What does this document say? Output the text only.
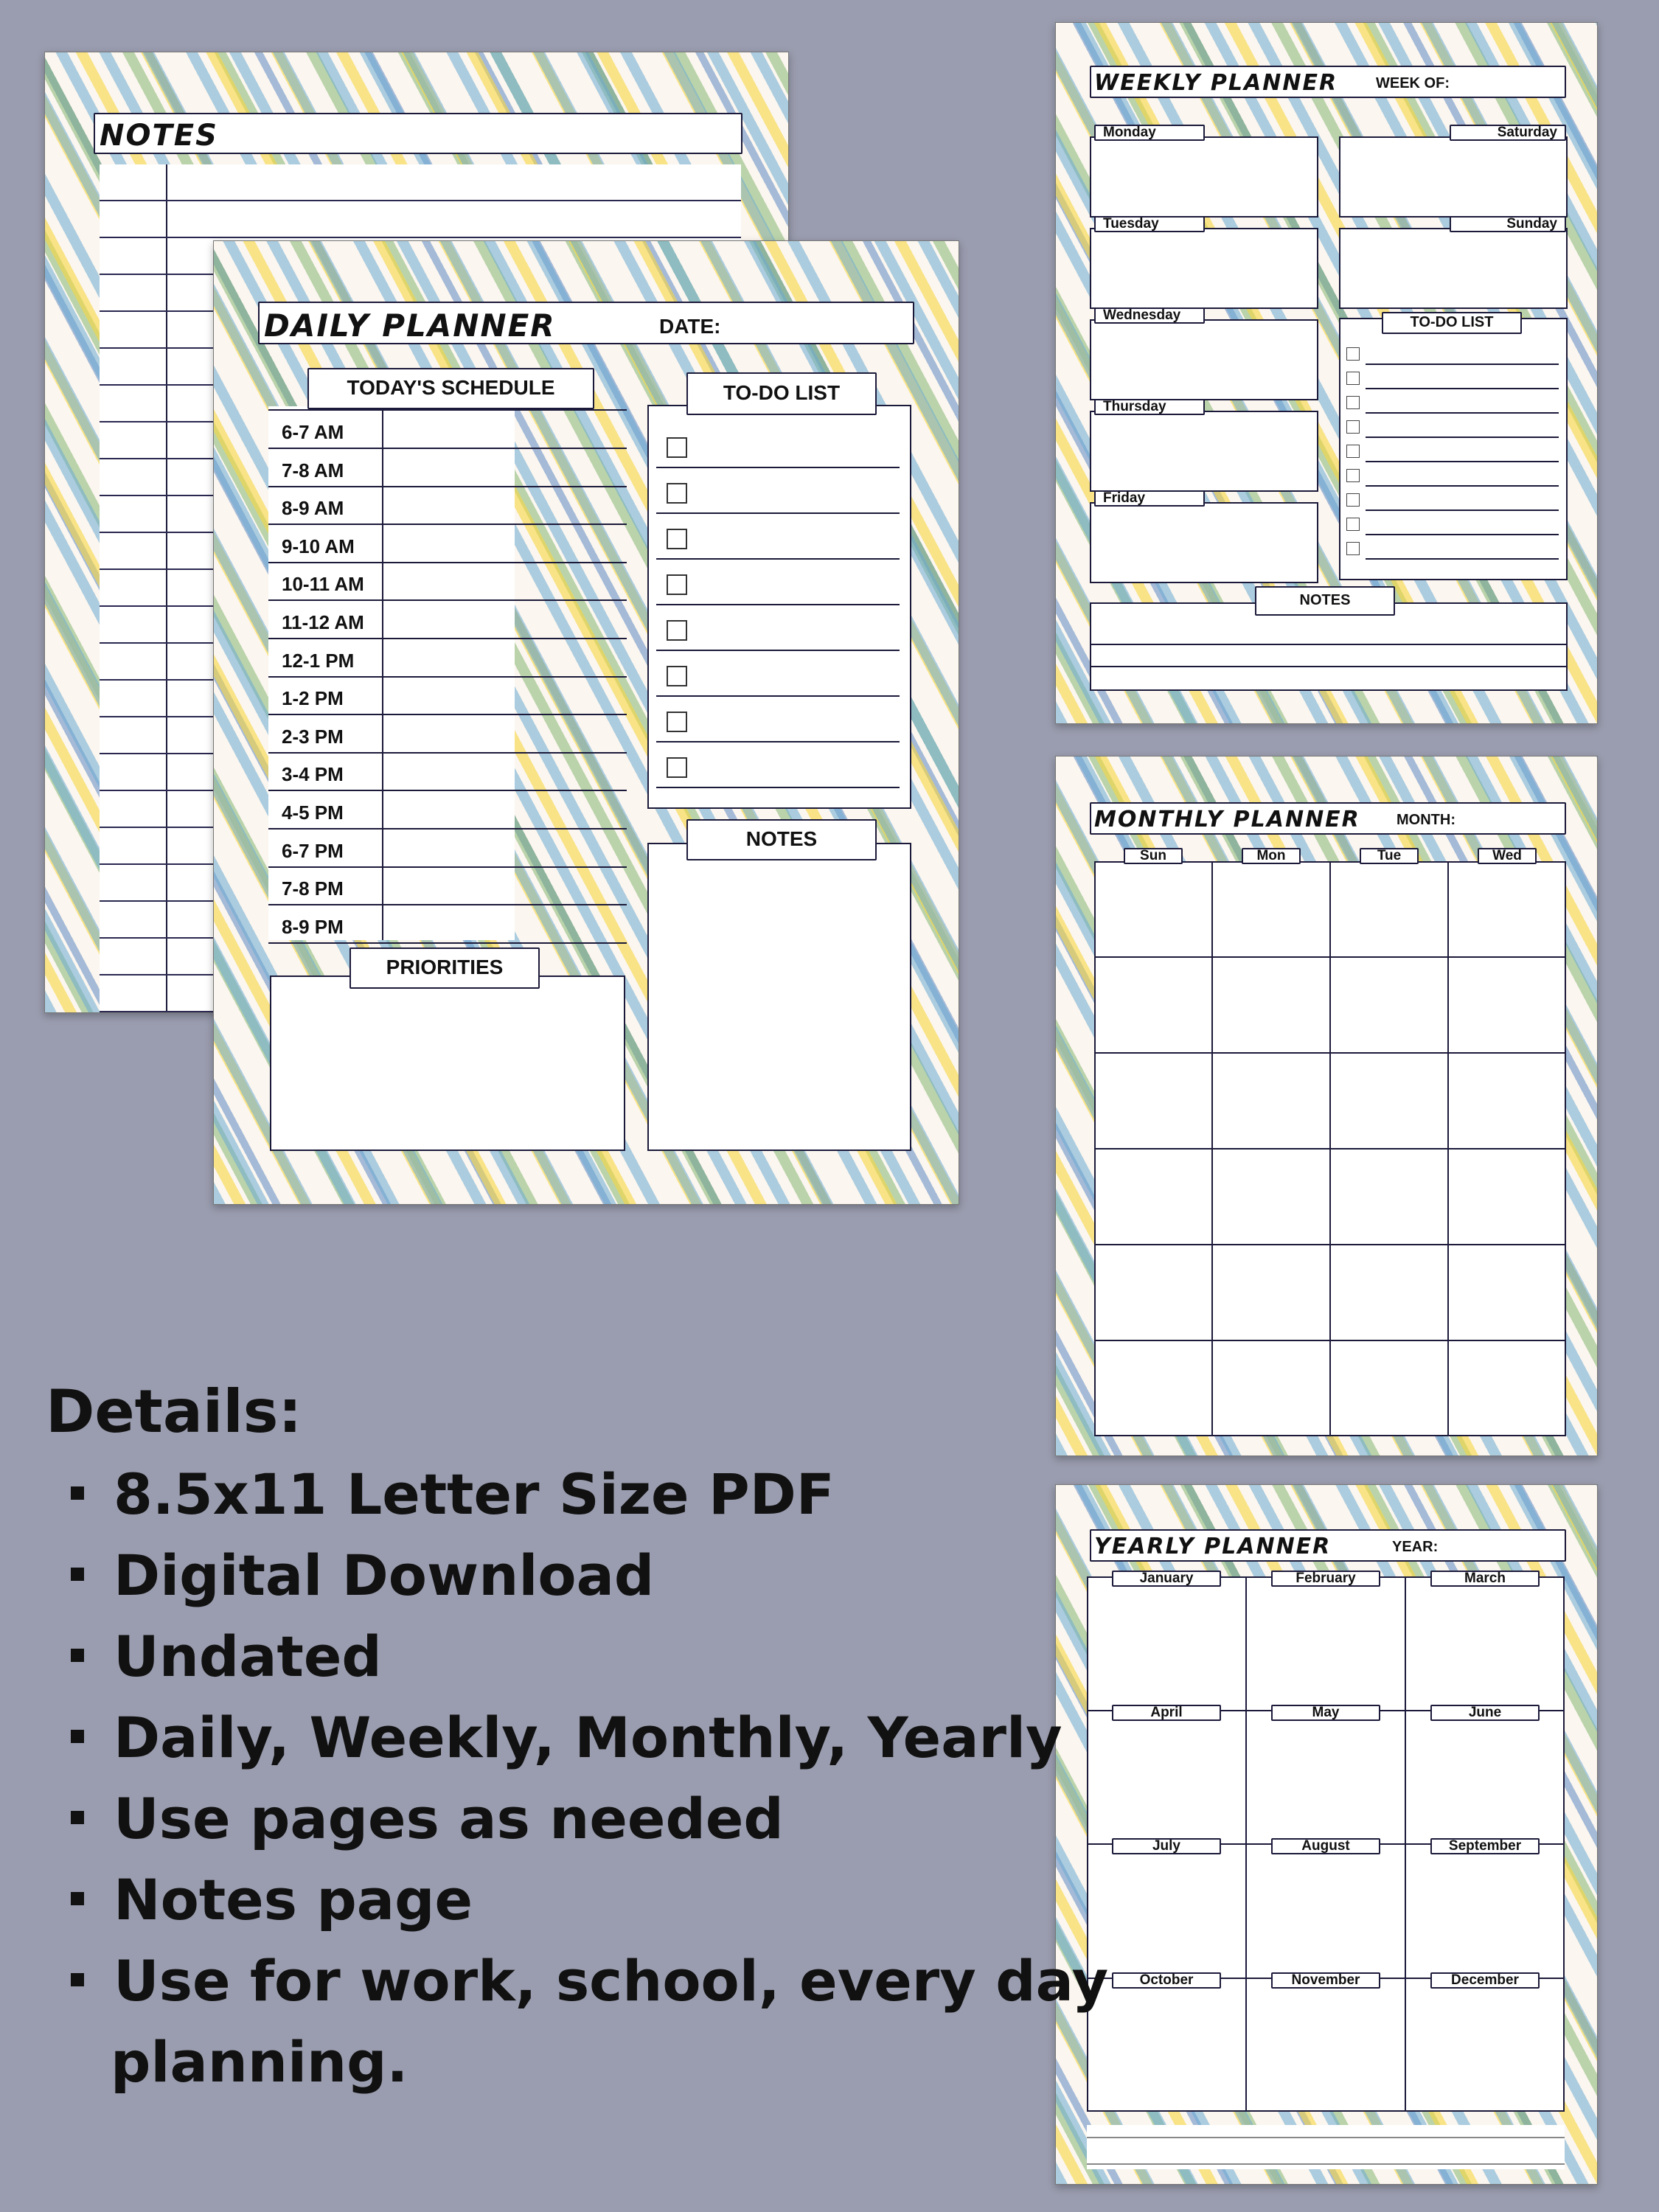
NOTES
DAILY PLANNER	DATE:
TODAY'S SCHEDULE
6-7 AM
7-8 AM
8-9 AM
9-10 AM
10-11 AM
11-12 AM
12-1 PM
1-2 PM
2-3 PM
3-4 PM
4-5 PM
6-7 PM
7-8 PM
8-9 PM
TO-DO LIST
NOTES
PRIORITIES
WEEKLY PLANNER	WEEK OF:
Monday
Tuesday
Wednesday
Thursday
Friday
Saturday
Sunday
TO-DO LIST
NOTES
MONTHLY PLANNER MONTH:
Sun	Mon	Tue	Wed
YEARLY PLANNER	YEAR:
January	February	March
April	May	June
July	August	September
October	November	December
Details:
8.5x11 Letter Size PDF
Digital Download
Undated
Daily, Weekly, Monthly, Yearly
Use pages as needed
Notes page
Use for work, school, every day
planning.
